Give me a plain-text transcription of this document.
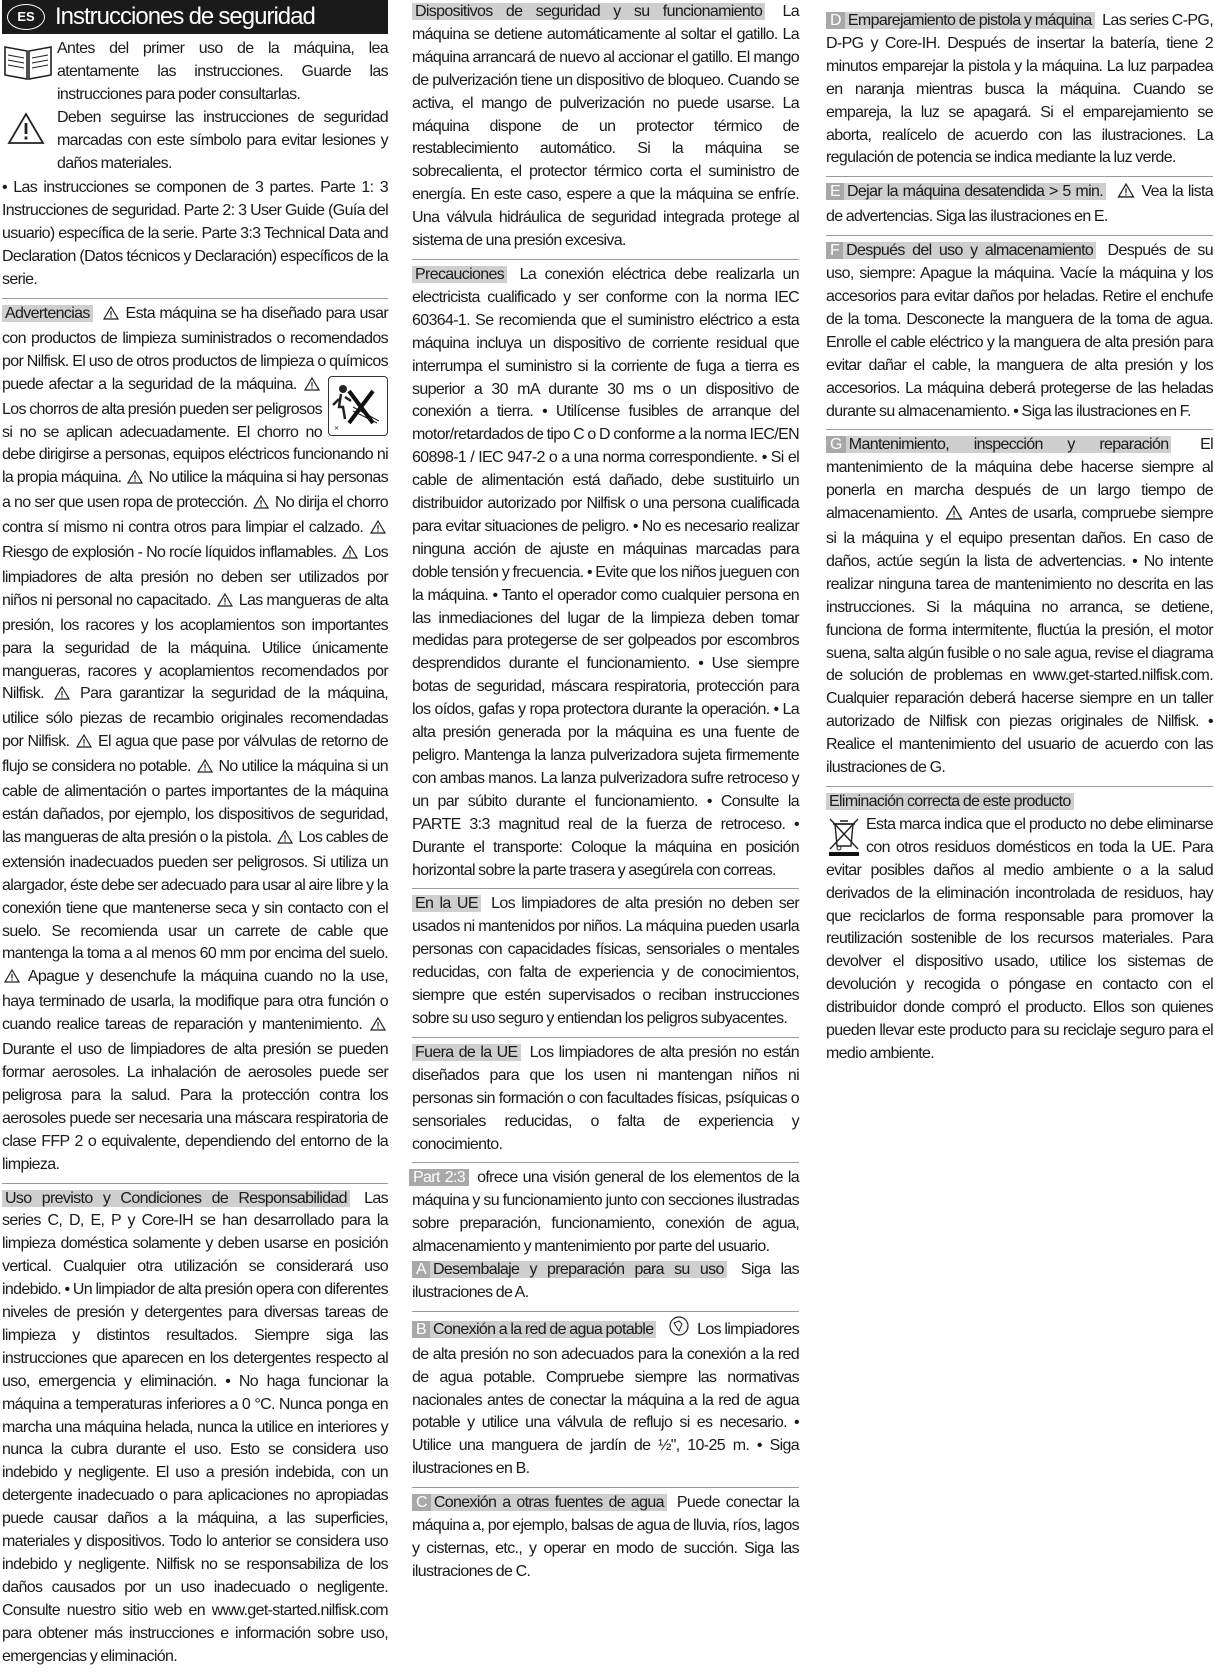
ES Instrucciones de seguridad

Antes del primer uso de la máquina, lea atentamente las instrucciones. Guarde las instrucciones para poder consultarlas.

Deben seguirse las instrucciones de seguridad marcadas con este símbolo para evitar lesiones y daños materiales.

• Las instrucciones se componen de 3 partes. Parte 1: 3 Instrucciones de seguridad. Parte 2: 3 User Guide (Guía del usuario) específica de la serie. Parte 3:3 Technical Data and Declaration (Datos técnicos y Declaración) específicos de la serie.

Advertencias Esta máquina se ha diseñado para usar con productos de limpieza suministrados o recomendados por Nilfisk. El uso de otros productos de limpieza o químicos puede afectar a la seguridad de la máquina.
✕
Los chorros de alta presión pueden ser peligrosos si no se aplican adecuadamente. El chorro no debe dirigirse a personas, equipos eléctricos funcionando ni la propia máquina. No utilice la máquina si hay personas a no ser que usen ropa de protección. No dirija el chorro contra sí mismo ni contra otros para limpiar el calzado.  Riesgo de explosión - No rocíe líquidos inflamables. Los limpiadores de alta presión no deben ser utilizados por niños ni personal no capacitado. Las mangueras de alta presión, los racores y los acoplamientos son importantes para la seguridad de la máquina. Utilice únicamente mangueras, racores y acoplamientos recomendados por Nilfisk. Para garantizar la seguridad de la máquina, utilice sólo piezas de recambio originales recomendadas por Nilfisk. El agua que pase por válvulas de retorno de flujo se considera no potable. No utilice la máquina si un cable de alimentación o partes importantes de la máquina están dañados, por ejemplo, los dispositivos de seguridad, las mangueras de alta presión o la pistola. Los cables de extensión inadecuados pueden ser peligrosos. Si utiliza un alargador, éste debe ser adecuado para usar al aire libre y la conexión tiene que mantenerse seca y sin contacto con el suelo. Se recomienda usar un carrete de cable que mantenga la toma a al menos 60 mm por encima del suelo.  Apague y desenchufe la máquina cuando no la use, haya terminado de usarla, la modifique para otra función o cuando realice tareas de reparación y mantenimiento.  Durante el uso de limpiadores de alta presión se pueden formar aerosoles. La inhalación de aerosoles puede ser peligrosa para la salud. Para la protección contra los aerosoles puede ser necesaria una máscara respiratoria de clase FFP 2 o equivalente, dependiendo del entorno de la limpieza.

Uso previsto y Condiciones de Responsabilidad Las series C, D, E, P y Core-IH se han desarrollado para la limpieza doméstica solamente y deben usarse en posición vertical. Cualquier otra utilización se considerará uso indebido. • Un limpiador de alta presión opera con diferentes niveles de presión y detergentes para diversas tareas de limpieza y distintos resultados. Siempre siga las instrucciones que aparecen en los detergentes respecto al uso, emergencia y eliminación. • No haga funcionar la máquina a temperaturas inferiores a 0 °C. Nunca ponga en marcha una máquina helada, nunca la utilice en interiores y nunca la cubra durante el uso. Esto se considera uso indebido y negligente. El uso a presión indebida, con un detergente inadecuado o para aplicaciones no apropiadas puede causar daños a la máquina, a las superficies, materiales y dispositivos. Todo lo anterior se considera uso indebido y negligente. Nilfisk no se responsabiliza de los daños causados por un uso inadecuado o negligente. Consulte nuestro sitio web en www.get-started.nilfisk.com para obtener más instrucciones e información sobre uso, emergencias y eliminación.

Dispositivos de seguridad y su funcionamiento La máquina se detiene automáticamente al soltar el gatillo. La máquina arrancará de nuevo al accionar el gatillo. El mango de pulverización tiene un dispositivo de bloqueo. Cuando se activa, el mango de pulverización no puede usarse. La máquina dispone de un protector térmico de restablecimiento automático. Si la máquina se sobrecalienta, el protector térmico corta el suministro de energía. En este caso, espere a que la máquina se enfríe. Una válvula hidráulica de seguridad integrada protege al sistema de una presión excesiva.

Precauciones La conexión eléctrica debe realizarla un electricista cualificado y ser conforme con la norma IEC 60364-1. Se recomienda que el suministro eléctrico a esta máquina incluya un dispositivo de corriente residual que interrumpa el suministro si la corriente de fuga a tierra es superior a 30 mA durante 30 ms o un dispositivo de conexión a tierra. • Utilícense fusibles de arranque del motor/retardados de tipo C o D conforme a la norma IEC/EN 60898-1 / IEC 947-2 o a una norma correspondiente. • Si el cable de alimentación está dañado, debe sustituirlo un distribuidor autorizado por Nilfisk o una persona cualificada para evitar situaciones de peligro. • No es necesario realizar ninguna acción de ajuste en máquinas marcadas para doble tensión y frecuencia. • Evite que los niños jueguen con la máquina. • Tanto el operador como cualquier persona en las inmediaciones del lugar de la limpieza deben tomar medidas para protegerse de ser golpeados por escombros desprendidos durante el funcionamiento. • Use siempre botas de seguridad, máscara respiratoria, protección para los oídos, gafas y ropa protectora durante la operación. • La alta presión generada por la máquina es una fuente de peligro. Mantenga la lanza pulverizadora sujeta firmemente con ambas manos. La lanza pulverizadora sufre retroceso y un par súbito durante el funcionamiento. • Consulte la PARTE 3:3 magnitud real de la fuerza de retroceso. • Durante el transporte: Coloque la máquina en posición horizontal sobre la parte trasera y asegúrela con correas.

En la UE Los limpiadores de alta presión no deben ser usados ni mantenidos por niños. La máquina pueden usarla personas con capacidades físicas, sensoriales o mentales reducidas, con falta de experiencia y de conocimientos, siempre que estén supervisados o reciban instrucciones sobre su uso seguro y entiendan los peligros subyacentes.

Fuera de la UE Los limpiadores de alta presión no están diseñados para que los usen ni mantengan niños ni personas sin formación o con facultades físicas, psíquicas o sensoriales reducidas, o falta de experiencia y conocimiento.

Part 2:3 ofrece una visión general de los elementos de la máquina y su funcionamiento junto con secciones ilustradas sobre preparación, funcionamiento, conexión de agua, almacenamiento y mantenimiento por parte del usuario.

A Desembalaje y preparación para su uso Siga las ilustraciones de A.

B Conexión a la red de agua potable	Los limpiadores de alta presión no son adecuados para la conexión a la red de agua potable. Compruebe siempre las normativas nacionales antes de conectar la máquina a la red de agua potable y utilice una válvula de reflujo si es necesario. • Utilice una manguera de jardín de ½", 10-25 m. • Siga ilustraciones en B.

C Conexión a otras fuentes de agua Puede conectar la máquina a, por ejemplo, balsas de agua de lluvia, ríos, lagos y cisternas, etc., y operar en modo de succión. Siga las ilustraciones de C.

D Emparejamiento de pistola y máquina Las series C-PG, D-PG y Core-IH. Después de insertar la batería, tiene 2 minutos emparejar la pistola y la máquina. La luz parpadea en naranja mientras busca la máquina. Cuando se empareja, la luz se apagará. Si el emparejamiento se aborta, realícelo de acuerdo con las ilustraciones. La regulación de potencia se indica mediante la luz verde.

E Dejar la máquina desatendida > 5 min. Vea la lista de advertencias. Siga las ilustraciones en E.

F Después del uso y almacenamiento Después de su uso, siempre: Apague la máquina. Vacíe la máquina y los accesorios para evitar daños por heladas. Retire el enchufe de la toma. Desconecte la manguera de la toma de agua. Enrolle el cable eléctrico y la manguera de alta presión para evitar dañar el cable, la manguera de alta presión y los accesorios. La máquina deberá protegerse de las heladas durante su almacenamiento. • Siga las ilustraciones en F.

G Mantenimiento, inspección y reparación El mantenimiento de la máquina debe hacerse siempre al ponerla en marcha después de un largo tiempo de almacenamiento. Antes de usarla, compruebe siempre si la máquina y el equipo presentan daños. En caso de daños, actúe según la lista de advertencias. • No intente realizar ninguna tarea de mantenimiento no descrita en las instrucciones. Si la máquina no arranca, se detiene, funciona de forma intermitente, fluctúa la presión, el motor suena, salta algún fusible o no sale agua, revise el diagrama de solución de problemas en www.get-started.nilfisk.com. Cualquier reparación deberá hacerse siempre en un taller autorizado de Nilfisk con piezas originales de Nilfisk. • Realice el mantenimiento del usuario de acuerdo con las ilustraciones de G.

Eliminación correcta de este producto

Esta marca indica que el producto no debe eliminarse con otros residuos domésticos en toda la UE. Para evitar posibles daños al medio ambiente o a la salud derivados de la eliminación incontrolada de residuos, hay que reciclarlos de forma responsable para promover la reutilización sostenible de los recursos materiales. Para devolver el dispositivo usado, utilice los sistemas de devolución y recogida o póngase en contacto con el distribuidor donde compró el producto. Ellos son quienes pueden llevar este producto para su reciclaje seguro para el medio ambiente.
